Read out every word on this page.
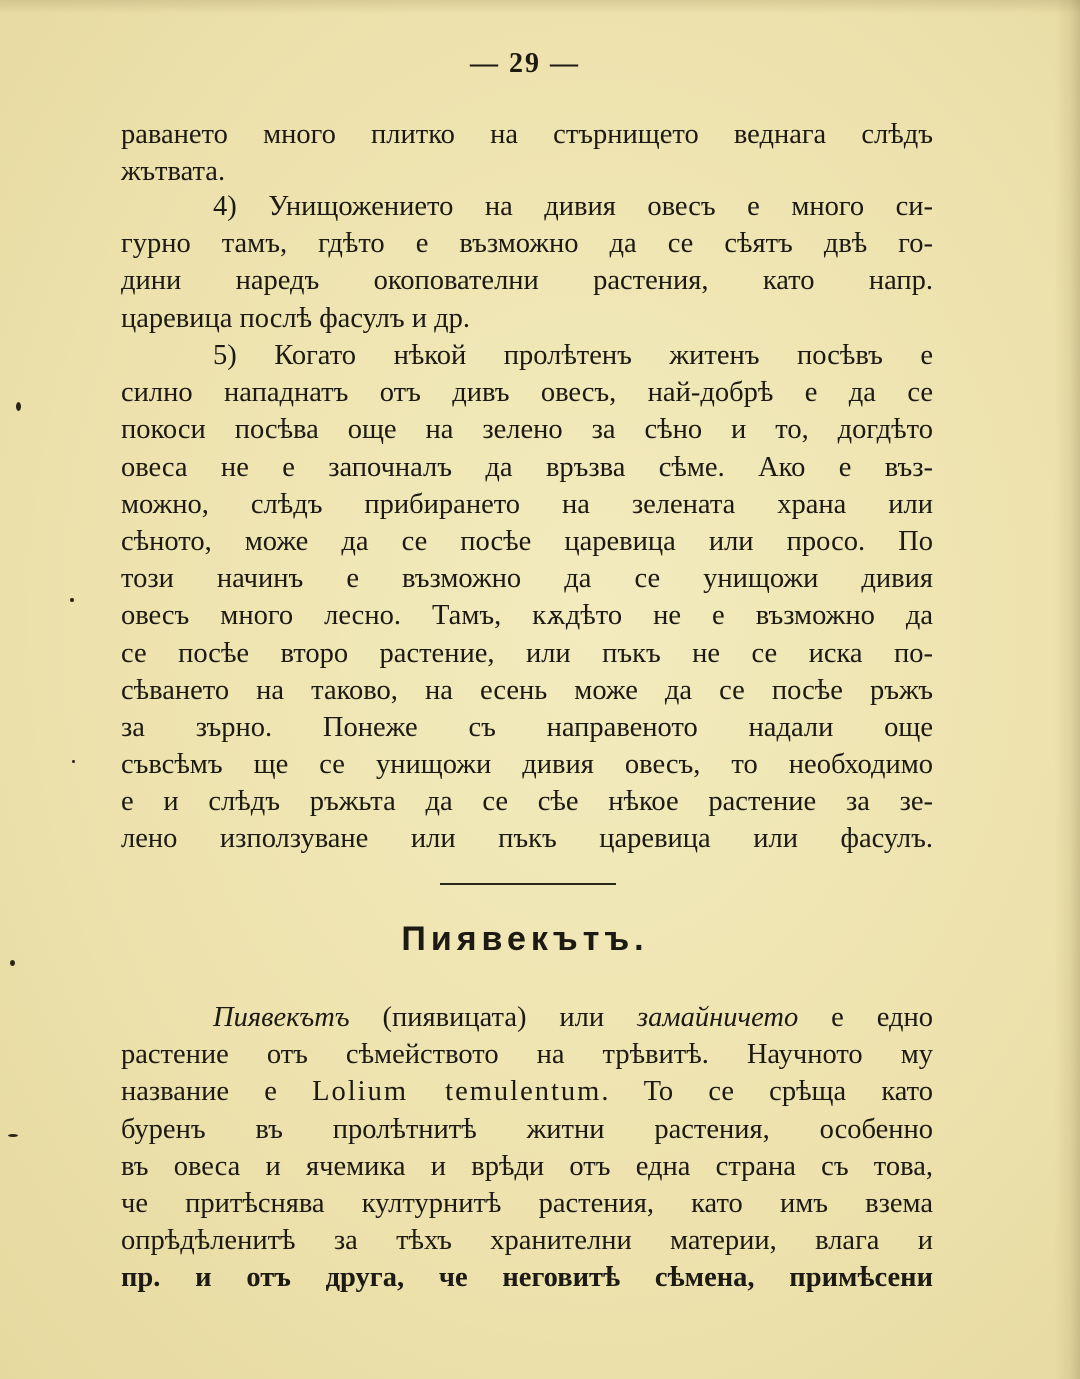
— 29 —
раването много плитко на стърнището веднага слѣдъ
жътвата.
4) Унищожението на дивия овесъ е много си-
гурно тамъ, гдѣто е възможно да се сѣятъ двѣ го-
дини наредъ окопователни растения, като напр.
царевица послѣ фасулъ и др.
5) Когато нѣкой пролѣтенъ житенъ посѣвъ е
силно нападнатъ отъ дивъ овесъ, най-добрѣ е да се
покоси посѣва още на зелено за сѣно и то, догдѣто
овеса не е започналъ да връзва сѣме. Ако е въз-
можно, слѣдъ прибирането на зелената храна или
сѣното, може да се посѣе царевица или просо. По
този начинъ е възможно да се унищожи дивия
овесъ много лесно. Тамъ, кѫдѣто не е възможно да
се посѣе второ растение, или пъкъ не се иска по-
сѣването на таково, на есень може да се посѣе ръжъ
за зърно. Понеже съ направеното надали още
съвсѣмъ ще се унищожи дивия овесъ, то необходимо
е и слѣдъ ръжьта да се сѣе нѣкое растение за зе-
лено използуване или пъкъ царевица или фасулъ.
Пиявекътъ.
Пиявекътъ (пиявицата) или замайничето е едно
растение отъ сѣмейството на трѣвитѣ. Научното му
название е Lolium temulentum. То се срѣща като
буренъ въ пролѣтнитѣ житни растения, особенно
въ овеса и ячемика и врѣди отъ една страна съ това,
че притѣснява културнитѣ растения, като имъ взема
опрѣдѣленитѣ за тѣхъ хранителни материи, влага и
пр. и отъ друга, че неговитѣ сѣмена, примѣсени
